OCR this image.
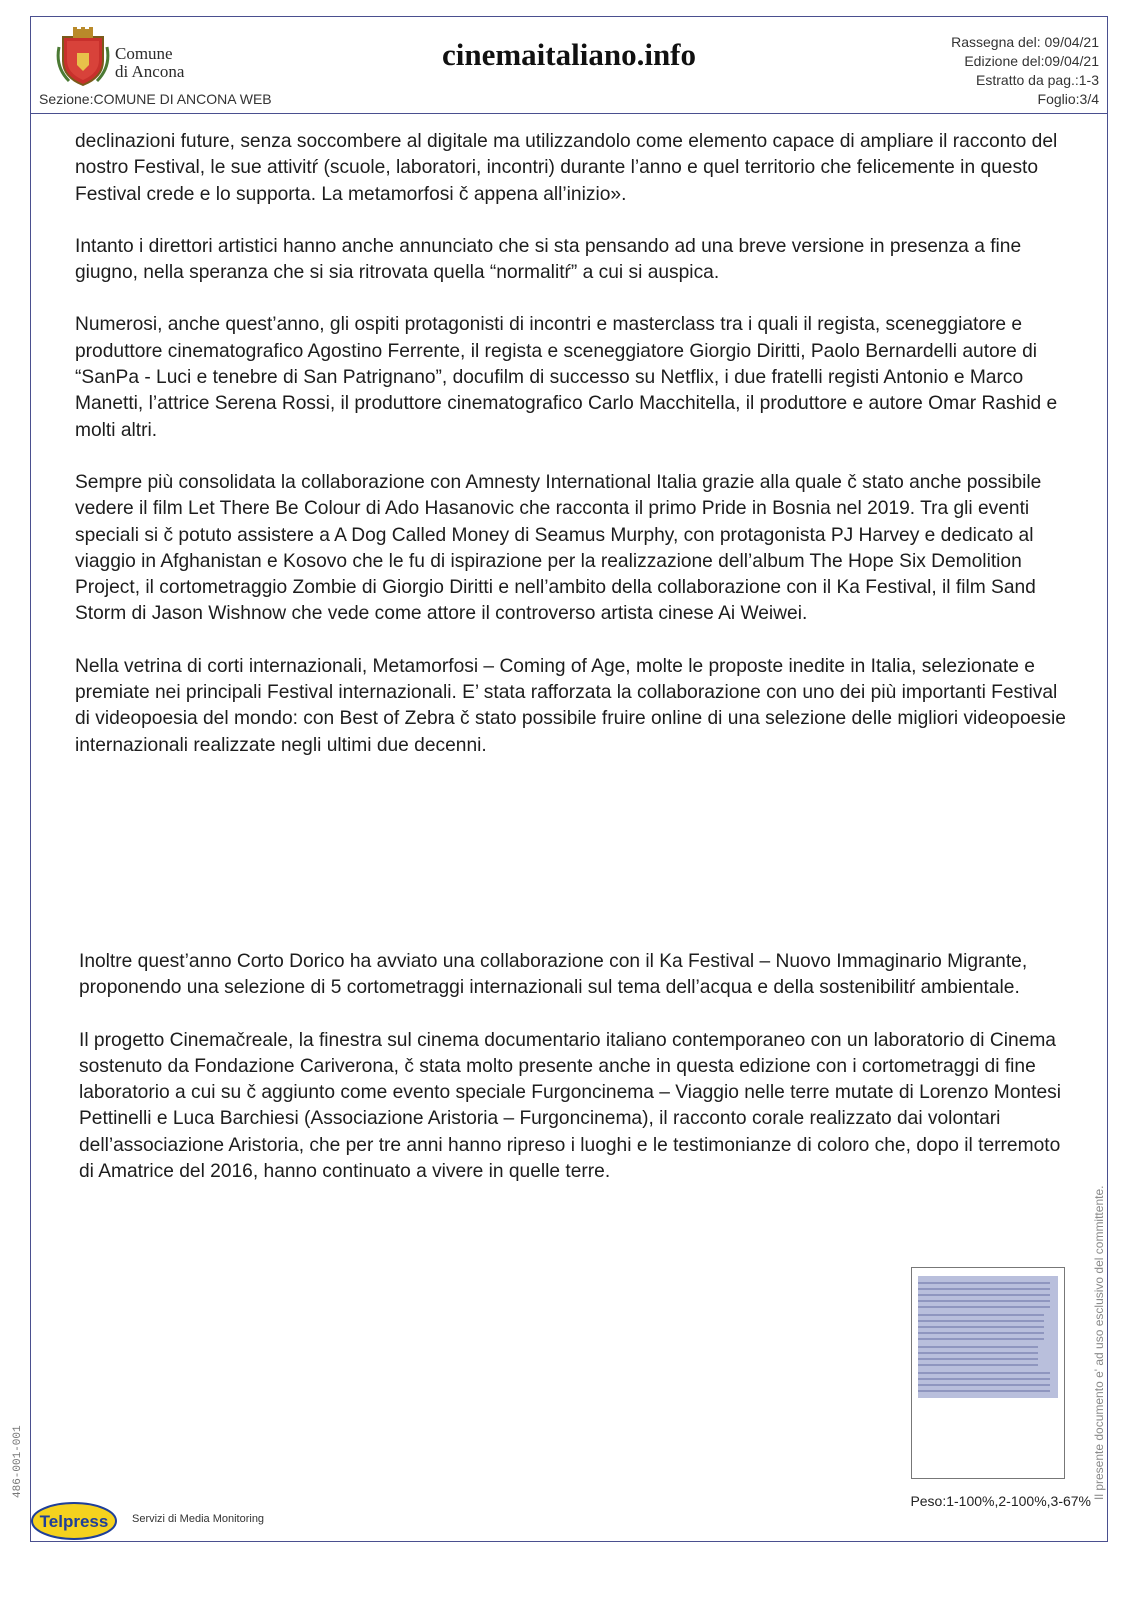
Comune
di Ancona	cinemaitaliano.info	Rassegna del: 09/04/21
Edizione del:09/04/21
Estratto da pag.:1-3
Sezione:COMUNE DI ANCONA WEB	Foglio:3/4

declinazioni future, senza soccombere al digitale ma utilizzandolo come elemento capace di ampliare il racconto del nostro Festival, le sue attivitŕ (scuole, laboratori, incontri) durante l’anno e quel territorio che felicemente in questo Festival crede e lo supporta. La metamorfosi č appena all’inizio».

Intanto i direttori artistici hanno anche annunciato che si sta pensando ad una breve versione in presenza a fine giugno, nella speranza che si sia ritrovata quella “normalitŕ” a cui si auspica.

Numerosi, anche quest’anno, gli ospiti protagonisti di incontri e masterclass tra i quali il regista, sceneggiatore e produttore cinematografico Agostino Ferrente, il regista e sceneggiatore Giorgio Diritti, Paolo Bernardelli autore di “SanPa - Luci e tenebre di San Patrignano”, docufilm di successo su Netflix, i due fratelli registi Antonio e Marco Manetti, l’attrice Serena Rossi, il produttore cinematografico Carlo Macchitella, il produttore e autore Omar Rashid e molti altri.

Sempre più consolidata la collaborazione con Amnesty International Italia grazie alla quale č stato anche possibile vedere il film Let There Be Colour di Ado Hasanovic che racconta il primo Pride in Bosnia nel 2019. Tra gli eventi speciali si č potuto assistere a A Dog Called Money di Seamus Murphy, con protagonista PJ Harvey e dedicato al viaggio in Afghanistan e Kosovo che le fu di ispirazione per la realizzazione dell’album The Hope Six Demolition Project, il cortometraggio Zombie di Giorgio Diritti e nell’ambito della collaborazione con il Ka Festival, il film Sand Storm di Jason Wishnow che vede come attore il controverso artista cinese Ai Weiwei.

Nella vetrina di corti internazionali, Metamorfosi – Coming of Age, molte le proposte inedite in Italia, selezionate e premiate nei principali Festival internazionali. E’ stata rafforzata la collaborazione con uno dei più importanti Festival di videopoesia del mondo: con Best of Zebra č stato possibile fruire online di una selezione delle migliori videopoesie internazionali realizzate negli ultimi due decenni.

Inoltre quest’anno Corto Dorico ha avviato una collaborazione con il Ka Festival – Nuovo Immaginario Migrante, proponendo una selezione di 5 cortometraggi internazionali sul tema dell’acqua e della sostenibilitŕ ambientale.

Il progetto Cinemačreale, la finestra sul cinema documentario italiano contemporaneo con un laboratorio di Cinema sostenuto da Fondazione Cariverona, č stata molto presente anche in questa edizione con i cortometraggi di fine laboratorio a cui su č aggiunto come evento speciale Furgoncinema – Viaggio nelle terre mutate di Lorenzo Montesi Pettinelli e Luca Barchiesi (Associazione Aristoria – Furgoncinema), il racconto corale realizzato dai volontari dell’associazione Aristoria, che per tre anni hanno ripreso i luoghi e le testimonianze di coloro che, dopo il terremoto di Amatrice del 2016, hanno continuato a vivere in quelle terre.

Peso:1-100%,2-100%,3-67%
Il presente documento e' ad uso esclusivo del committente.
486-001-001
Telpress Servizi di Media Monitoring
